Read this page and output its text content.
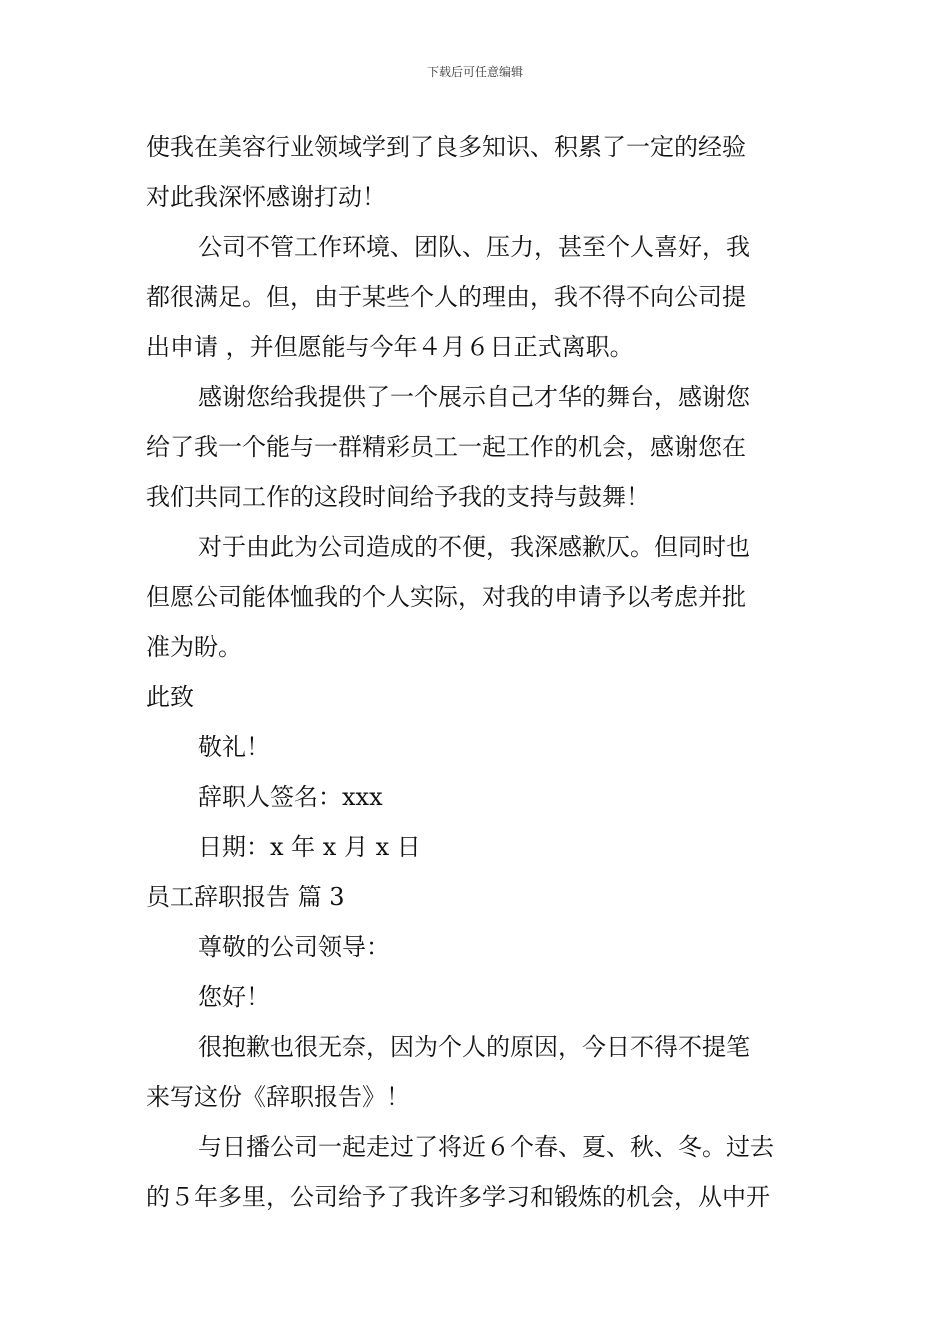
下载后可任意编辑
使我在美容行业领域学到了良多知识、积累了一定的经验
对此我深怀感谢打动！
公司不管工作环境、团队、压力，甚至个人喜好，我
都很满足。但，由于某些个人的理由，我不得不向公司提
出申请 ，并但愿能与今年４月６日正式离职。
感谢您给我提供了一个展示自己才华的舞台，感谢您
给了我一个能与一群精彩员工一起工作的机会，感谢您在
我们共同工作的这段时间给予我的支持与鼓舞！
对于由此为公司造成的不便，我深感歉仄。但同时也
但愿公司能体恤我的个人实际，对我的申请予以考虑并批
准为盼。
此致
敬礼！
辞职人签名：xxx
日期：x 年 x 月 x 日
员工辞职报告 篇 3
尊敬的公司领导：
您好！
很抱歉也很无奈，因为个人的原因，今日不得不提笔
来写这份《辞职报告》！
与日播公司一起走过了将近６个春、夏、秋、冬。过去
的５年多里，公司给予了我许多学习和锻炼的机会，从中开
